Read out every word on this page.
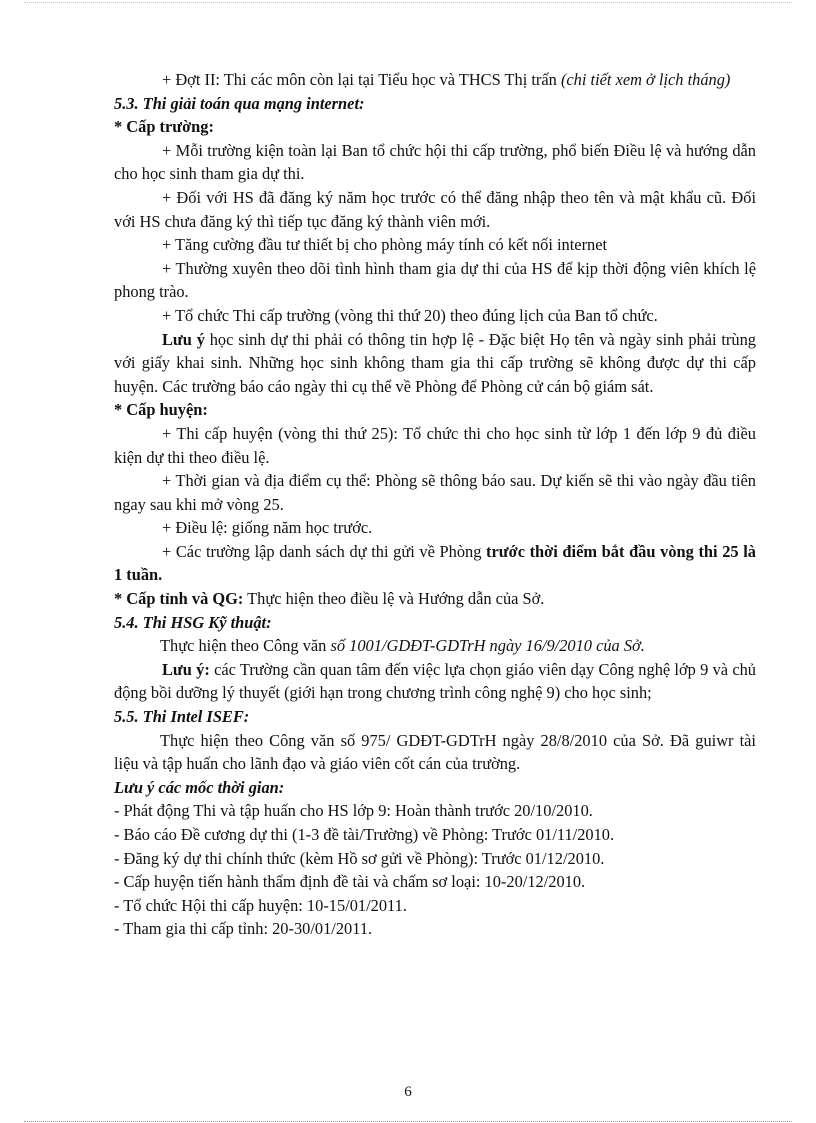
+ Đợt II: Thi các môn còn lại tại Tiểu học và THCS Thị trấn (chi tiết xem ở lịch tháng)

5.3. Thi giải toán qua mạng internet:

* Cấp trường:

+ Mỗi trường kiện toàn lại Ban tổ chức hội thi cấp trường, phổ biến Điều lệ và hướng dẫn cho học sinh tham gia dự thi.

+ Đối với HS đã đăng ký năm học trước có thể đăng nhập theo tên và mật khẩu cũ. Đối với HS chưa đăng ký thì tiếp tục đăng ký thành viên mới.

+ Tăng cường đầu tư thiết bị cho phòng máy tính có kết nối internet

+ Thường xuyên theo dõi tình hình tham gia dự thi của HS để kịp thời động viên khích lệ phong trào.

+ Tổ chức Thi cấp trường (vòng thi thứ 20) theo đúng lịch của Ban tổ chức.

Lưu ý học sinh dự thi phải có thông tin hợp lệ - Đặc biệt Họ tên và ngày sinh phải trùng với giấy khai sinh. Những học sinh không tham gia thi cấp trường sẽ không được dự thi cấp huyện. Các trường báo cáo ngày thi cụ thể về Phòng để Phòng cử cán bộ giám sát.

* Cấp huyện:

+ Thi cấp huyện (vòng thi thứ 25): Tổ chức thi cho học sinh từ lớp 1 đến lớp 9 đủ điều kiện dự thi theo điều lệ.

+ Thời gian và địa điểm cụ thể: Phòng sẽ thông báo sau. Dự kiến sẽ thi vào ngày đầu tiên ngay sau khi mở vòng 25.

+ Điều lệ: giống năm học trước.

+ Các trường lập danh sách dự thi gửi về Phòng trước thời điểm bắt đầu vòng thi 25 là 1 tuần.

* Cấp tỉnh và QG: Thực hiện theo điều lệ và Hướng dẫn của Sở.

5.4. Thi HSG Kỹ thuật:

Thực hiện theo Công văn số 1001/GDĐT-GDTrH ngày 16/9/2010 của Sở.

Lưu ý: các Trường cần quan tâm đến việc lựa chọn giáo viên dạy Công nghệ lớp 9 và chủ động bồi dưỡng lý thuyết (giới hạn trong chương trình công nghệ 9) cho học sinh;

5.5. Thi Intel ISEF:

Thực hiện theo Công văn số 975/ GDĐT-GDTrH ngày 28/8/2010 của Sở. Đã guiwr tài liệu và tập huấn cho lãnh đạo và giáo viên cốt cán của trường.

Lưu ý các mốc thời gian:

- Phát động Thi và tập huấn cho HS lớp 9: Hoàn thành trước 20/10/2010.

- Báo cáo Đề cương dự thi (1-3 đề tài/Trường) về Phòng: Trước 01/11/2010.

- Đăng ký dự thi chính thức (kèm Hồ sơ gửi về Phòng): Trước 01/12/2010.

- Cấp huyện tiến hành thẩm định đề tài và chấm sơ loại: 10-20/12/2010.

- Tổ chức Hội thi cấp huyện: 10-15/01/2011.

- Tham gia thi cấp tỉnh: 20-30/01/2011.

6
